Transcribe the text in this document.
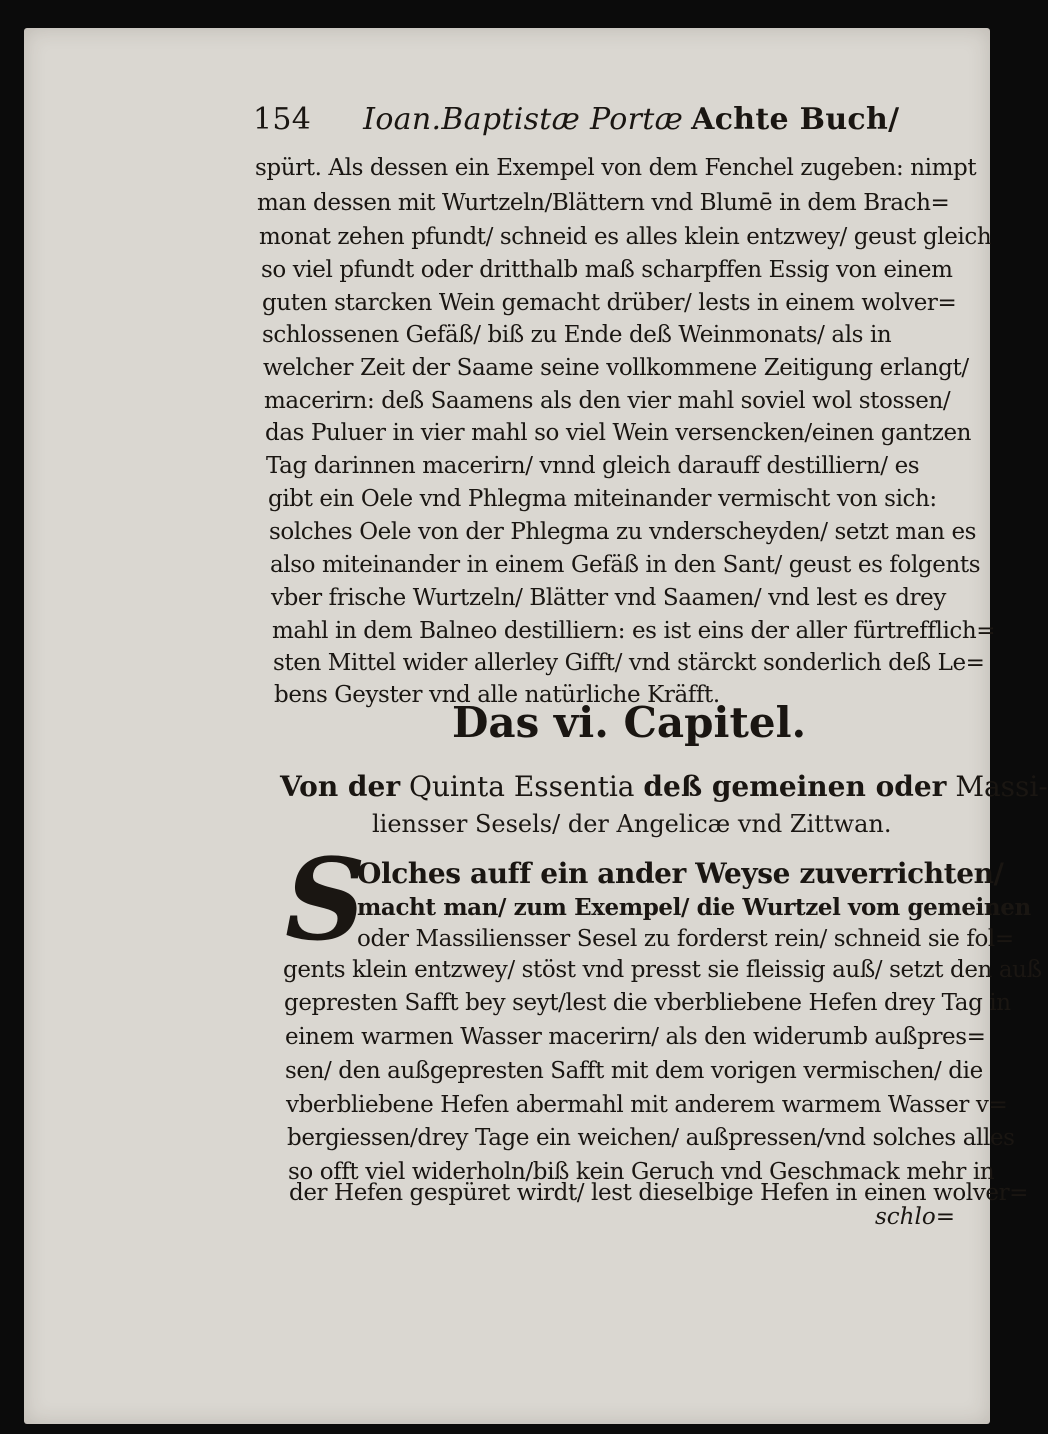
154 Ioan.Baptistæ Portæ Achte Buch/
spürt. Als dessen ein Exempel von dem Fenchel zugeben: nimpt
man dessen mit Wurtzeln/Blättern vnd Blumē in dem Brach=
monat zehen pfundt/ schneid es alles klein entzwey/ geust gleich
so viel pfundt oder dritthalb maß scharpffen Essig von einem
guten starcken Wein gemacht drüber/ lests in einem wolver=
schlossenen Gefäß/ biß zu Ende deß Weinmonats/ als in
welcher Zeit der Saame seine vollkommene Zeitigung erlangt/
macerirn: deß Saamens als den vier mahl soviel wol stossen/
das Puluer in vier mahl so viel Wein versencken/einen gantzen
Tag darinnen macerirn/ vnnd gleich darauff destilliern/ es
gibt ein Oele vnd Phlegma miteinander vermischt von sich:
solches Oele von der Phlegma zu vnderscheyden/ setzt man es
also miteinander in einem Gefäß in den Sant/ geust es folgents
vber frische Wurtzeln/ Blätter vnd Saamen/ vnd lest es drey
mahl in dem Balneo destilliern: es ist eins der aller fürtrefflich=
sten Mittel wider allerley Gifft/ vnd stärckt sonderlich deß Le=
bens Geyster vnd alle natürliche Kräfft.
Das vi. Capitel.
Von der Quinta Essentia deß gemeinen oder Massi-
liensser Sesels/ der Angelicæ vnd Zittwan.
S
Olches auff ein ander Weyse zuverrichten/
macht man/ zum Exempel/ die Wurtzel vom gemeinen
oder Massiliensser Sesel zu forderst rein/ schneid sie fol=
gents klein entzwey/ stöst vnd presst sie fleissig auß/ setzt den auß
gepresten Safft bey seyt/lest die vberbliebene Hefen drey Tag in
einem warmen Wasser macerirn/ als den widerumb außpres=
sen/ den außgepresten Safft mit dem vorigen vermischen/ die
vberbliebene Hefen abermahl mit anderem warmem Wasser v=
bergiessen/drey Tage ein weichen/ außpressen/vnd solches alles
so offt viel widerholn/biß kein Geruch vnd Geschmack mehr in
der Hefen gespüret wirdt/ lest dieselbige Hefen in einen wolver=
schlo=
